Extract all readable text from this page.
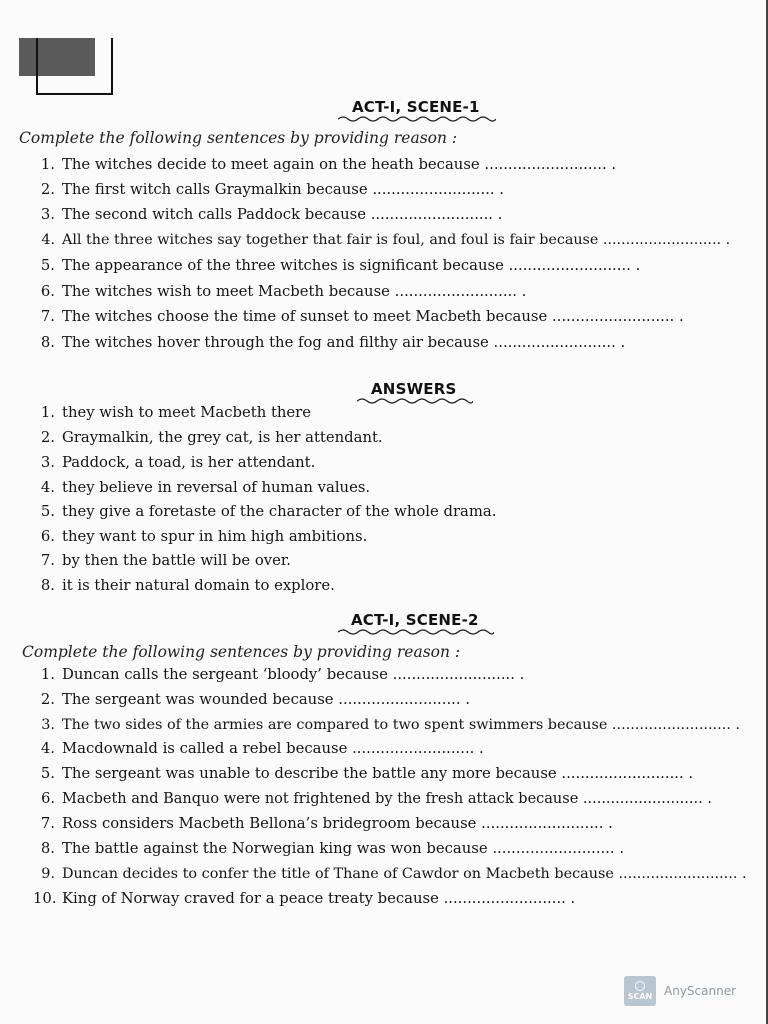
ACT-I, SCENE-1
Complete the following sentences by providing reason :
1. The witches decide to meet again on the heath because .......................... .
2. The first witch calls Graymalkin because .......................... .
3. The second witch calls Paddock because .......................... .
4. All the three witches say together that fair is foul, and foul is fair because .......................... .
5. The appearance of the three witches is significant because .......................... .
6. The witches wish to meet Macbeth because .......................... .
7. The witches choose the time of sunset to meet Macbeth because .......................... .
8. The witches hover through the fog and filthy air because .......................... .
ANSWERS
1. they wish to meet Macbeth there
2. Graymalkin, the grey cat, is her attendant.
3. Paddock, a toad, is her attendant.
4. they believe in reversal of human values.
5. they give a foretaste of the character of the whole drama.
6. they want to spur in him high ambitions.
7. by then the battle will be over.
8. it is their natural domain to explore.
ACT-I, SCENE-2
Complete the following sentences by providing reason :
1. Duncan calls the sergeant ‘bloody’ because .......................... .
2. The sergeant was wounded because .......................... .
3. The two sides of the armies are compared to two spent swimmers because .......................... .
4. Macdownald is called a rebel because .......................... .
5. The sergeant was unable to describe the battle any more because .......................... .
6. Macbeth and Banquo were not frightened by the fresh attack because .......................... .
7. Ross considers Macbeth Bellona’s bridegroom because .......................... .
8. The battle against the Norwegian king was won because .......................... .
9. Duncan decides to confer the title of Thane of Cawdor on Macbeth because .......................... .
10. King of Norway craved for a peace treaty because .......................... .
SCAN AnyScanner
